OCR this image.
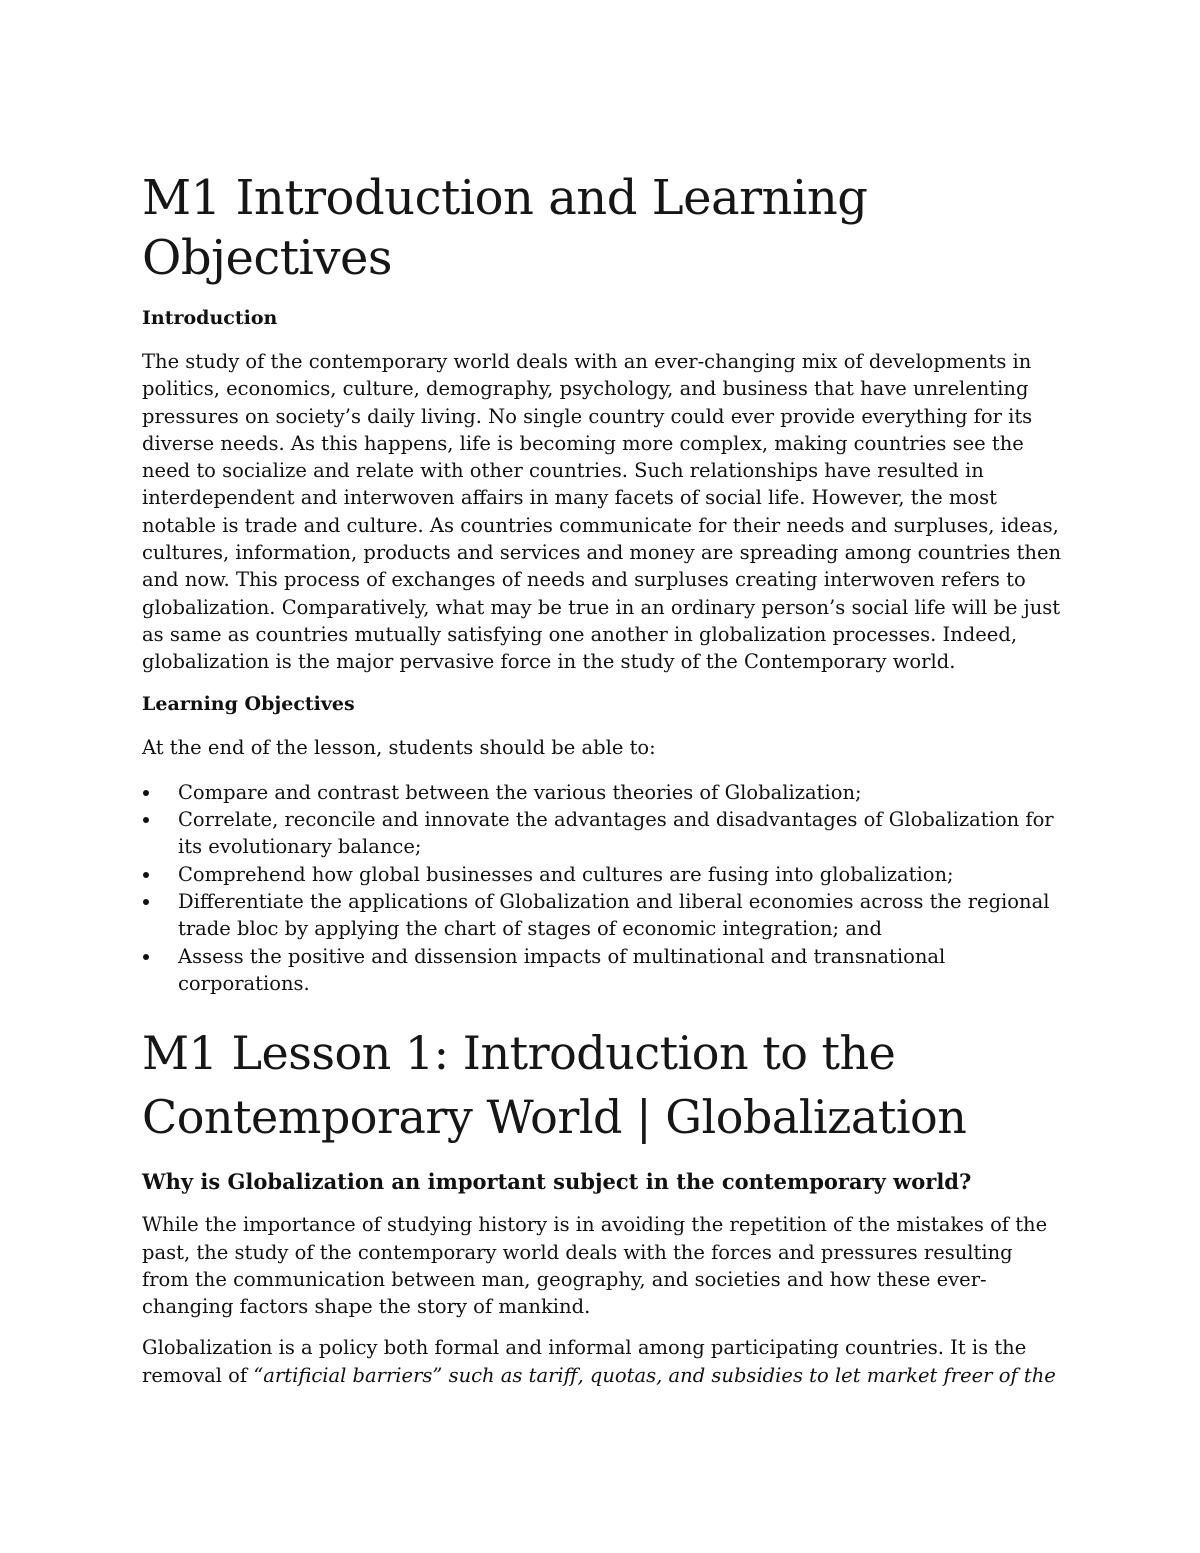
M1 Introduction and Learning Objectives
Introduction

The study of the contemporary world deals with an ever-changing mix of developments in politics, economics, culture, demography, psychology, and business that have unrelenting pressures on society’s daily living. No single country could ever provide everything for its diverse needs. As this happens, life is becoming more complex, making countries see the need to socialize and relate with other countries. Such relationships have resulted in interdependent and interwoven affairs in many facets of social life. However, the most notable is trade and culture. As countries communicate for their needs and surpluses, ideas, cultures, information, products and services and money are spreading among countries then and now. This process of exchanges of needs and surpluses creating interwoven refers to globalization. Comparatively, what may be true in an ordinary person’s social life will be just as same as countries mutually satisfying one another in globalization processes. Indeed, globalization is the major pervasive force in the study of the Contemporary world.

Learning Objectives

At the end of the lesson, students should be able to:

Compare and contrast between the various theories of Globalization;
Correlate, reconcile and innovate the advantages and disadvantages of Globalization for its evolutionary balance;
Comprehend how global businesses and cultures are fusing into globalization;
Differentiate the applications of Globalization and liberal economies across the regional trade bloc by applying the chart of stages of economic integration; and
Assess the positive and dissension impacts of multinational and transnational corporations.
M1 Lesson 1: Introduction to the Contemporary World | Globalization
Why is Globalization an important subject in the contemporary world?

While the importance of studying history is in avoiding the repetition of the mistakes of the past, the study of the contemporary world deals with the forces and pressures resulting from the communication between man, geography, and societies and how these ever-changing factors shape the story of mankind.

Globalization is a policy both formal and informal among participating countries. It is the removal of “artificial barriers” such as tariff, quotas, and subsidies to let market freer of the
